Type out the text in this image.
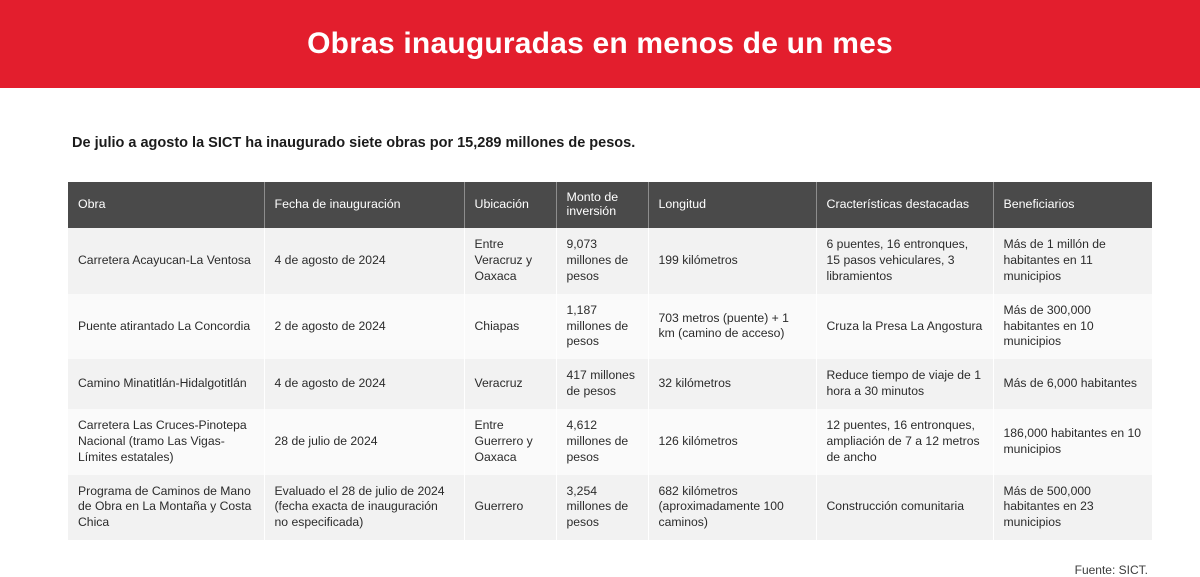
Obras inauguradas en menos de un mes

De julio a agosto la SICT ha inaugurado siete obras por 15,289 millones de pesos.

Obra	Fecha de inauguración	Ubicación	Monto de inversión	Longitud	Cracterísticas destacadas	Beneficiarios
Carretera Acayucan-La Ventosa	4 de agosto de 2024	Entre Veracruz y Oaxaca	9,073 millones de pesos	199 kilómetros	6 puentes, 16 entronques, 15 pasos vehiculares, 3 libramientos	Más de 1 millón de habitantes en 11 municipios
Puente atirantado La Concordia	2 de agosto de 2024	Chiapas	1,187 millones de pesos	703 metros (puente) + 1 km (camino de acceso)	Cruza la Presa La Angostura	Más de 300,000 habitantes en 10 municipios
Camino Minatitlán-Hidalgotitlán	4 de agosto de 2024	Veracruz	417 millones de pesos	32 kilómetros	Reduce tiempo de viaje de 1 hora a 30 minutos	Más de 6,000 habitantes
Carretera Las Cruces-Pinotepa Nacional (tramo Las Vigas-Límites estatales)	28 de julio de 2024	Entre Guerrero y Oaxaca	4,612 millones de pesos	126 kilómetros	12 puentes, 16 entronques, ampliación de 7 a 12 metros de ancho	186,000 habitantes en 10 municipios
Programa de Caminos de Mano de Obra en La Montaña y Costa Chica	Evaluado el 28 de julio de 2024 (fecha exacta de inauguración no especificada)	Guerrero	3,254 millones de pesos	682 kilómetros (aproximadamente 100 caminos)	Construcción comunitaria	Más de 500,000 habitantes en 23 municipios
Fuente: SICT.
